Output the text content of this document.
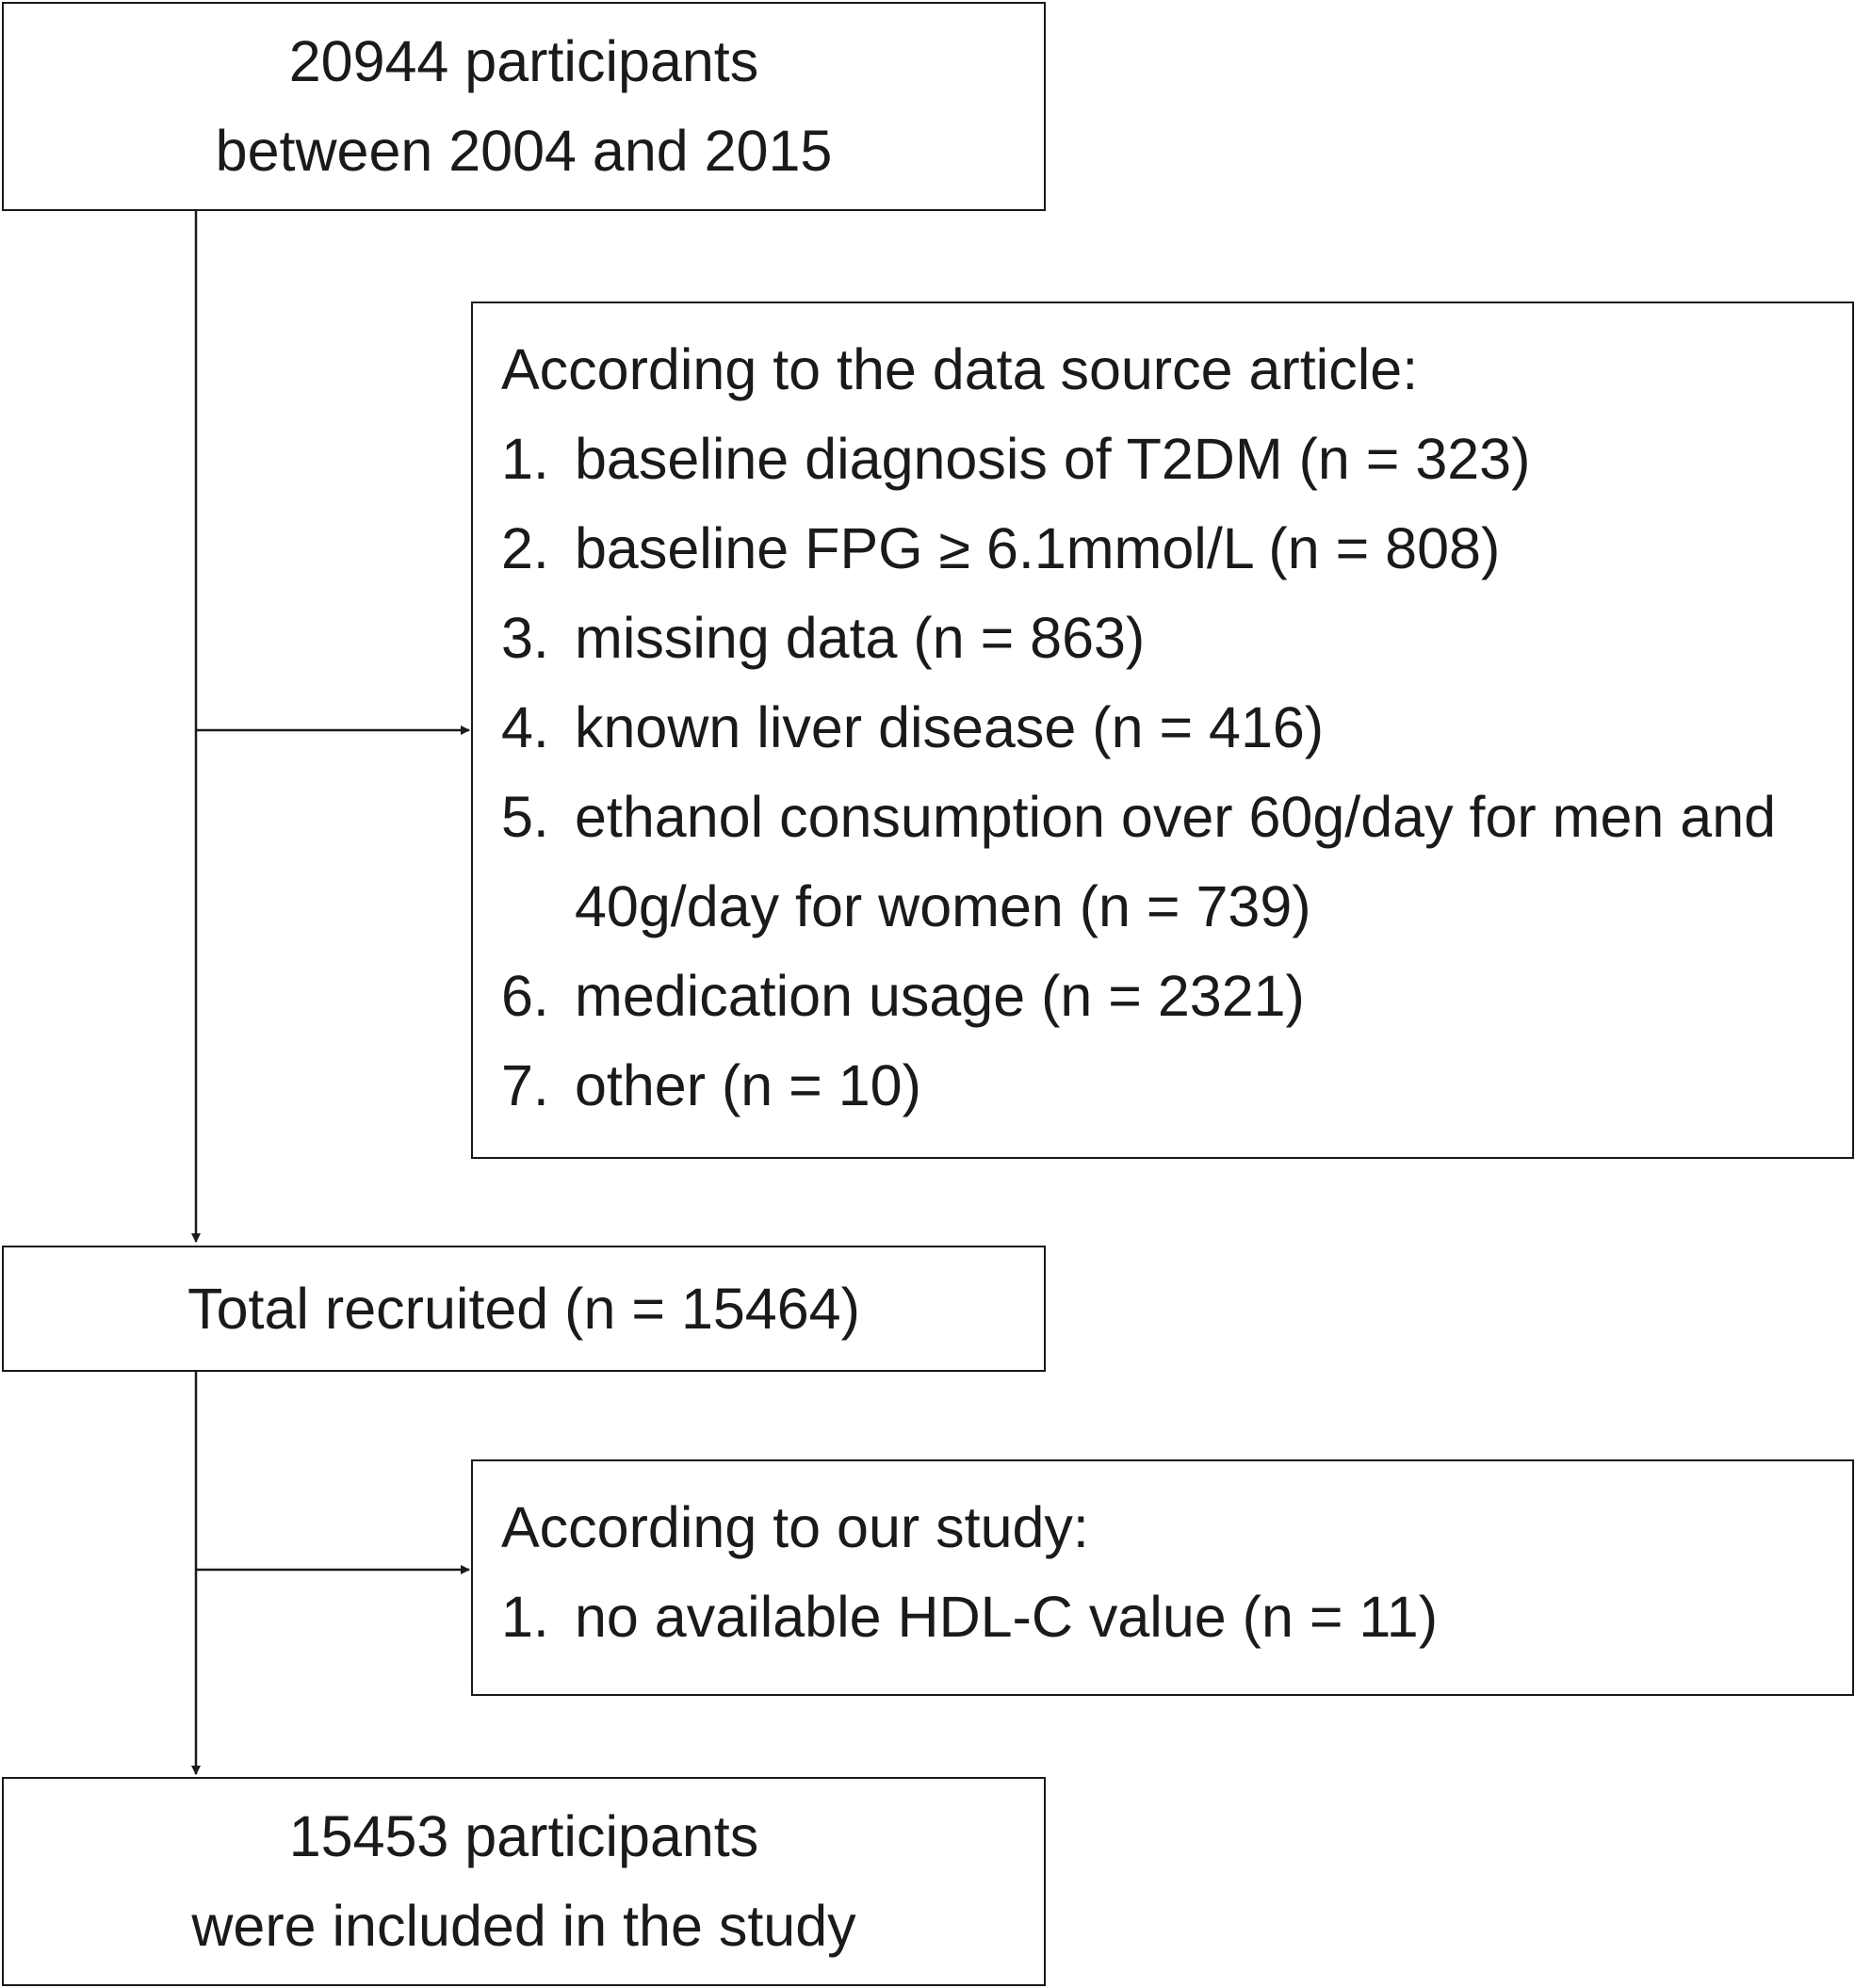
20944 participants
between 2004 and 2015
According to the data source article:
1. baseline diagnosis of T2DM (n = 323)
2. baseline FPG ≥ 6.1mmol/L (n = 808)
3. missing data (n = 863)
4. known liver disease (n = 416)
5. ethanol consumption over 60g/day for men and 40g/day for women (n = 739)
6. medication usage (n = 2321)
7. other (n = 10)
Total recruited (n = 15464)
According to our study:
1. no available HDL-C value (n = 11)
15453 participants
were included in the study
